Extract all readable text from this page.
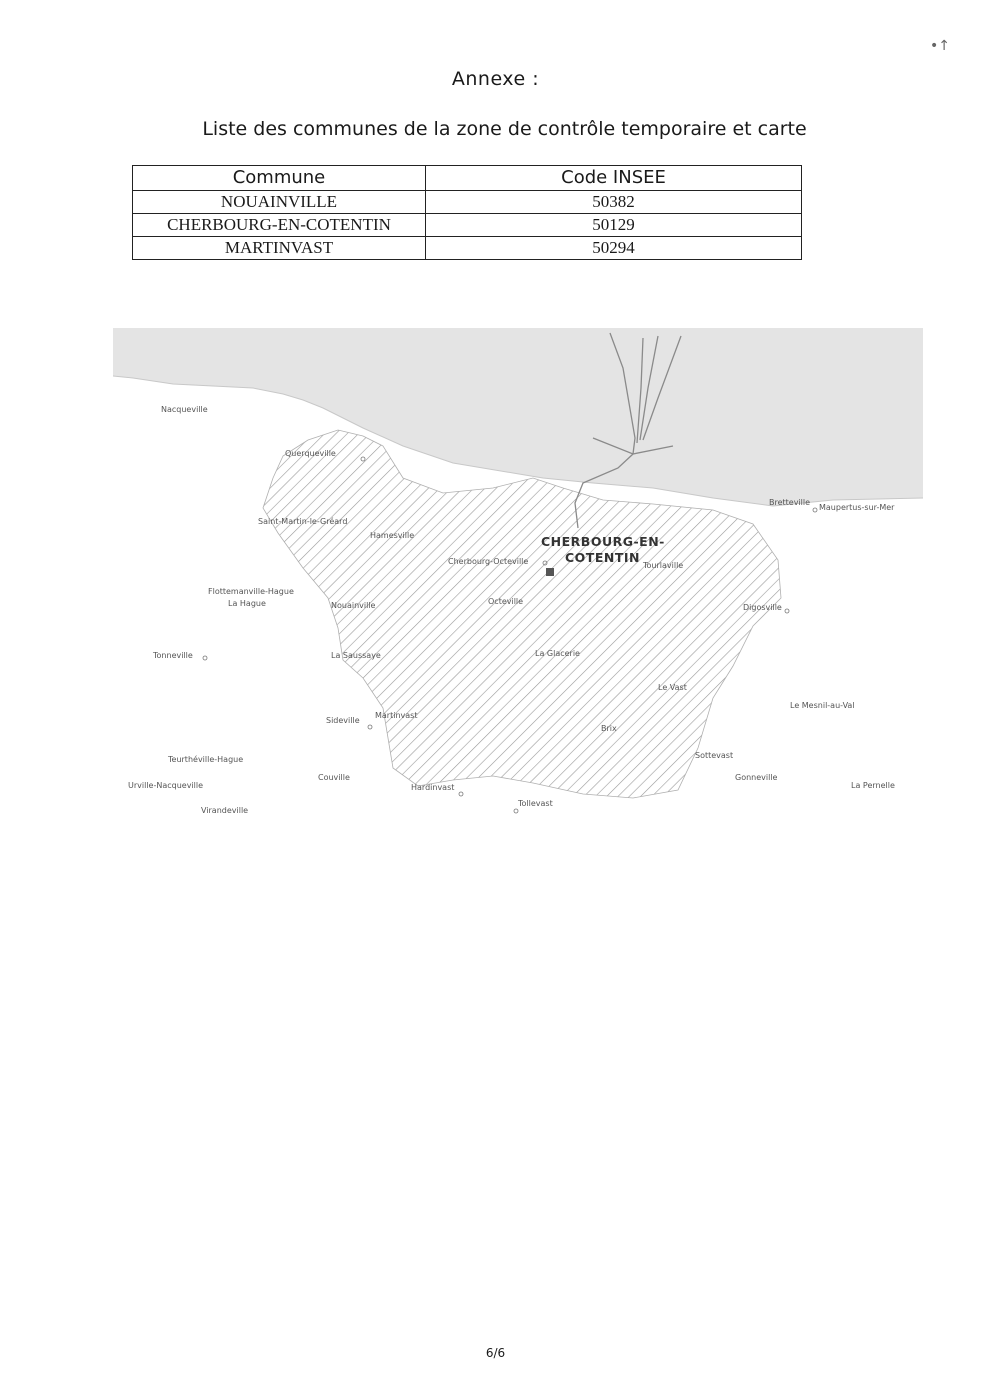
•↑
Annexe :
Liste des communes de la zone de contrôle temporaire et carte
Commune	Code INSEE
NOUAINVILLE	50382
CHERBOURG-EN-COTENTIN	50129
MARTINVAST	50294
CHERBOURG-EN-
COTENTIN
Querqueville
Cherbourg-Octeville
Octeville
Nouainville
Martinvast
Digosville
Bretteville
Maupertus-sur-Mer
La Glacerie
Tourlaville
Hardinvast
Tollevast
Flottemanville-Hague
La Hague
Sideville
Brix
Le Mesnil-au-Val
Virandeville
Tonneville
Couville
Teurthéville-Hague
Nacqueville
Urville-Nacqueville
Saint-Martin-le-Gréard
La Saussaye
Le Vast
Sottevast
La Pernelle
Gonneville
Hamesville
6/6
